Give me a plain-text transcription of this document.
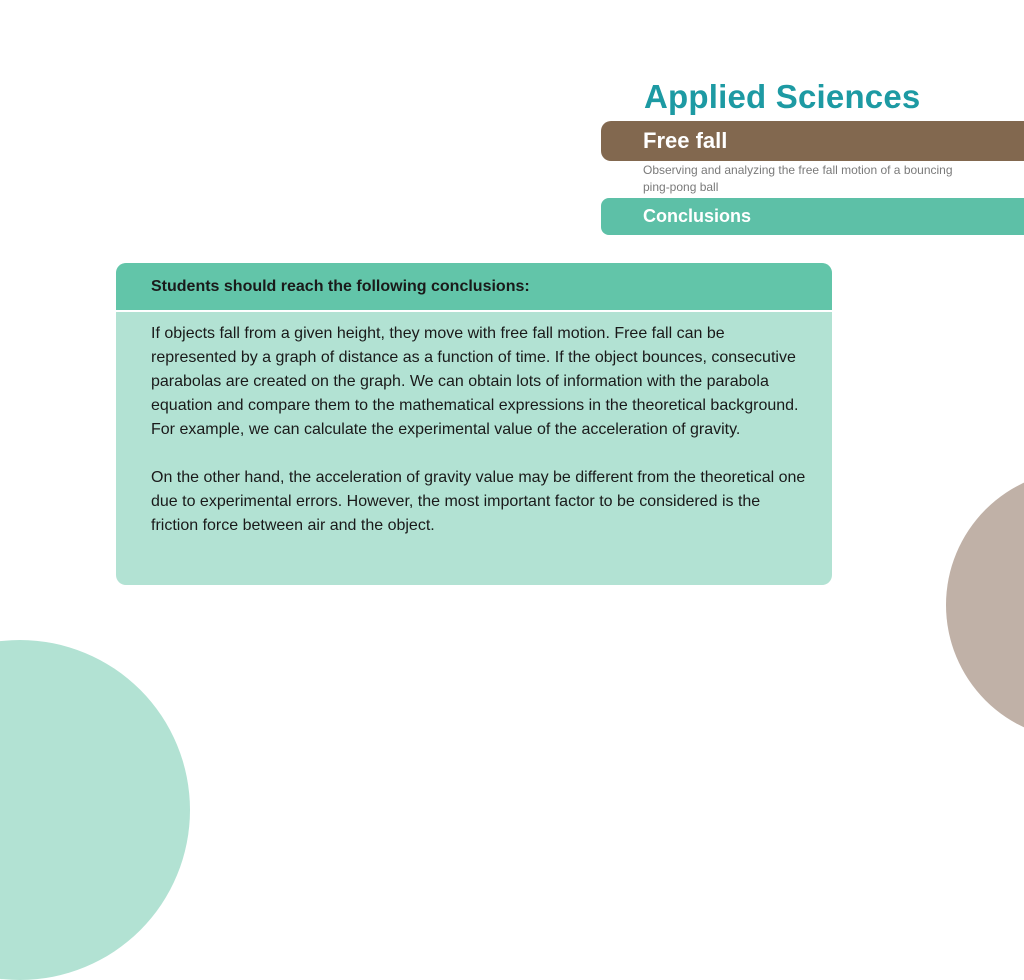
Applied Sciences
Free fall

Observing and analyzing the free fall motion of a bouncing ping-pong ball

Conclusions
Students should reach the following conclusions:

If objects fall from a given height, they move with free fall motion. Free fall can be represented by a graph of distance as a function of time. If the object bounces, consecutive parabolas are created on the graph. We can obtain lots of information with the parabola equation and compare them to the mathematical expressions in the theoretical background. For example, we can calculate the experimental value of the acceleration of gravity.

On the other hand, the acceleration of gravity value may be different from the theoretical one due to experimental errors. However, the most important factor to be considered is the friction force between air and the object.
